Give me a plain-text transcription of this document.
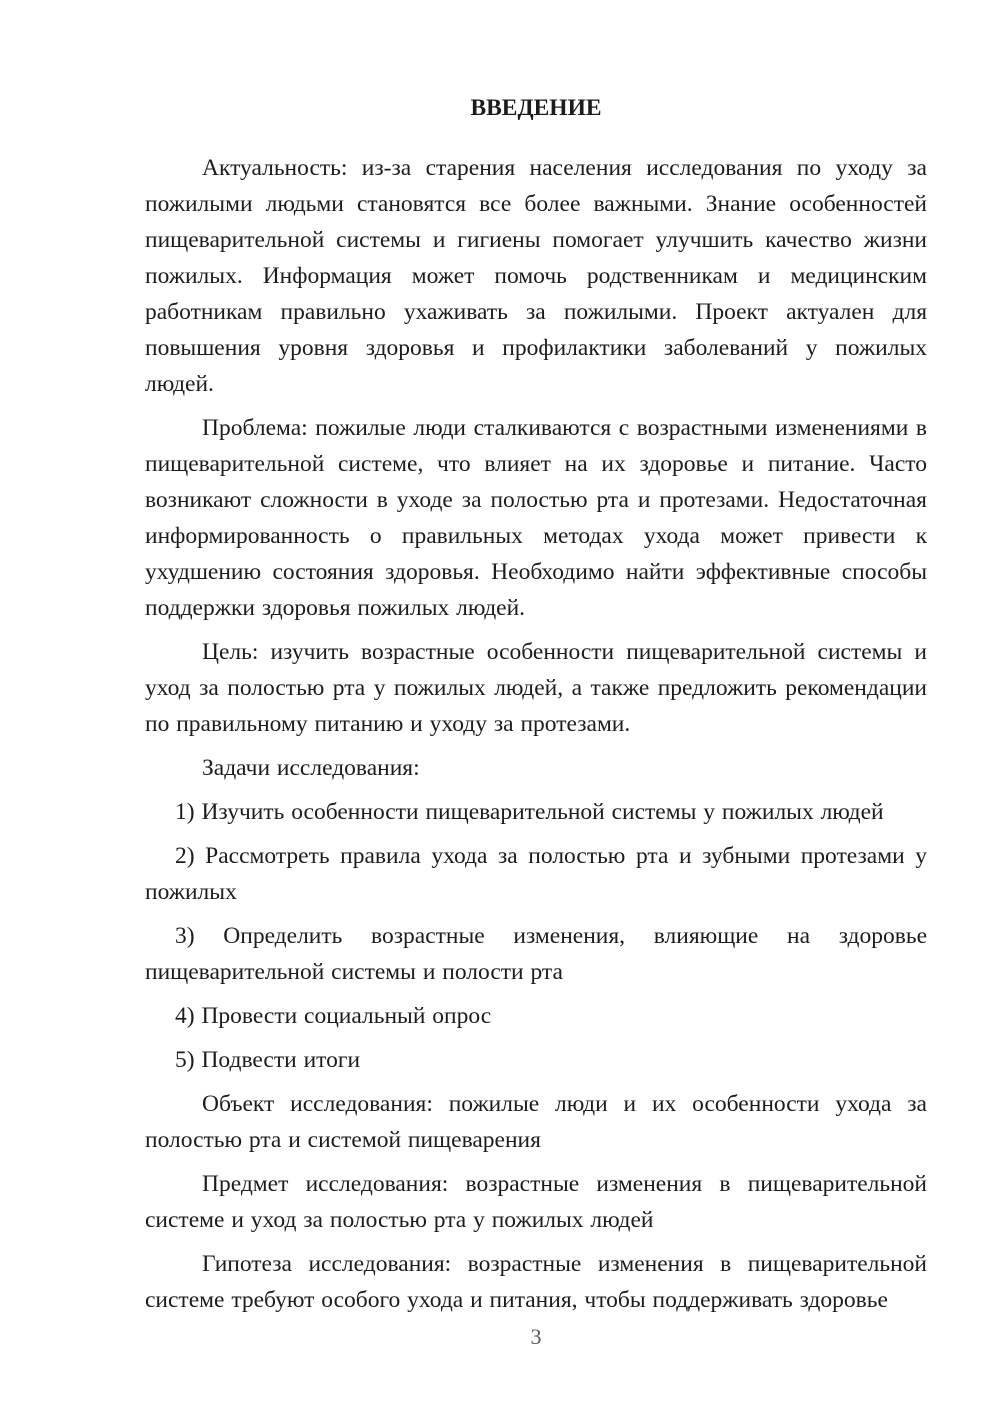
ВВЕДЕНИЕ

Актуальность: из-за старения населения исследования по уходу за пожилыми людьми становятся все более важными. Знание особенностей пищеварительной системы и гигиены помогает улучшить качество жизни пожилых. Информация может помочь родственникам и медицинским работникам правильно ухаживать за пожилыми. Проект актуален для повышения уровня здоровья и профилактики заболеваний у пожилых людей.

Проблема: пожилые люди сталкиваются с возрастными изменениями в пищеварительной системе, что влияет на их здоровье и питание. Часто возникают сложности в уходе за полостью рта и протезами. Недостаточная информированность о правильных методах ухода может привести к ухудшению состояния здоровья. Необходимо найти эффективные способы поддержки здоровья пожилых людей.

Цель: изучить возрастные особенности пищеварительной системы и уход за полостью рта у пожилых людей, а также предложить рекомендации по правильному питанию и уходу за протезами.

Задачи исследования:

1) Изучить особенности пищеварительной системы у пожилых людей

2) Рассмотреть правила ухода за полостью рта и зубными протезами у пожилых

3) Определить возрастные изменения, влияющие на здоровье пищеварительной системы и полости рта

4) Провести социальный опрос

5) Подвести итоги

Объект исследования: пожилые люди и их особенности ухода за полостью рта и системой пищеварения

Предмет исследования: возрастные изменения в пищеварительной системе и уход за полостью рта у пожилых людей

Гипотеза исследования: возрастные изменения в пищеварительной системе требуют особого ухода и питания, чтобы поддерживать здоровье

3
